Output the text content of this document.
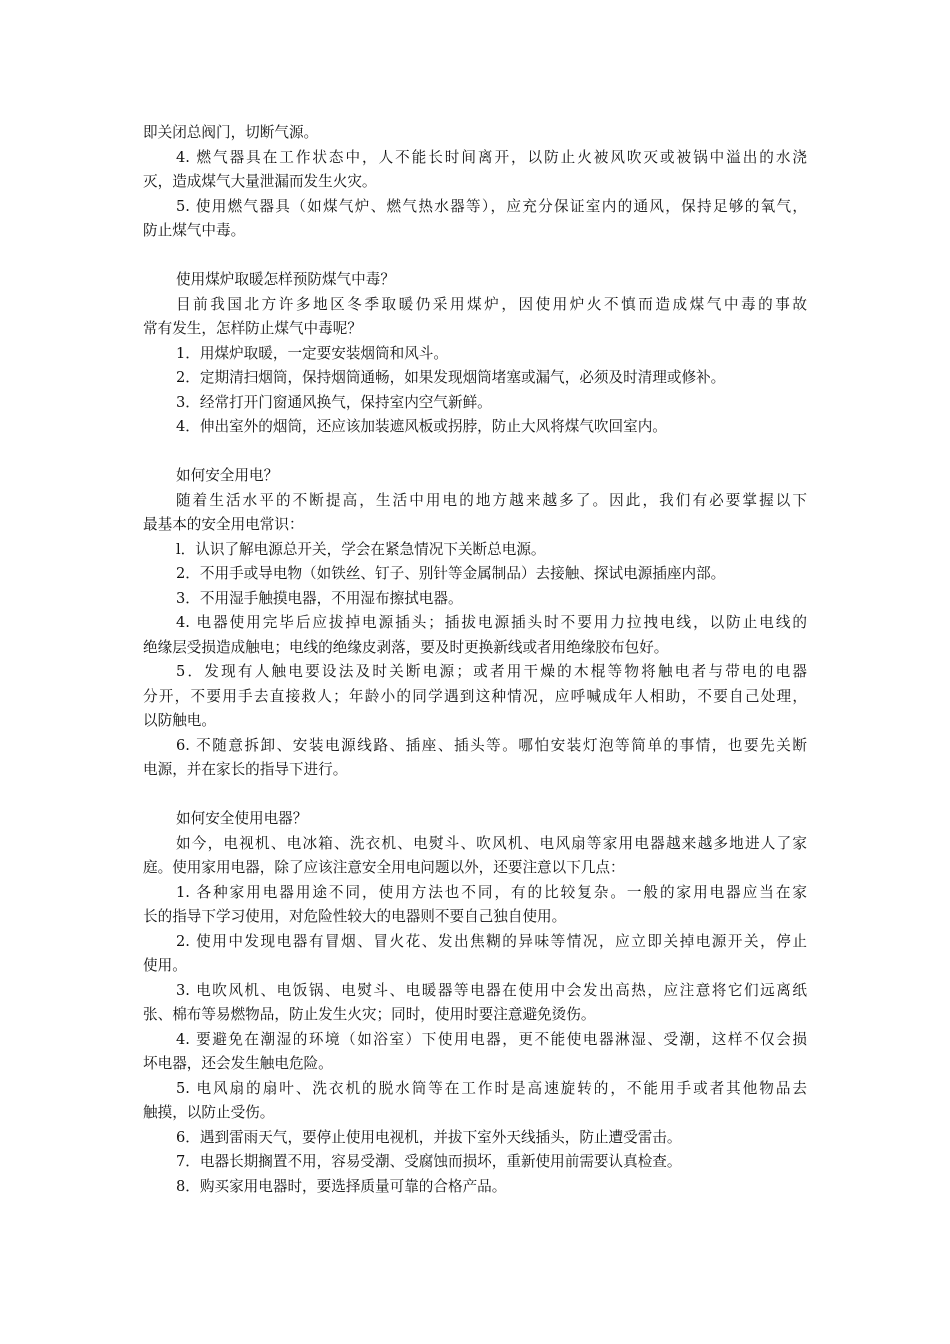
即关闭总阀门，切断气源。
4. 燃气器具在工作状态中，人不能长时间离开，以防止火被风吹灭或被锅中溢出的水浇
灭，造成煤气大量泄漏而发生火灾。
5. 使用燃气器具（如煤气炉、燃气热水器等），应充分保证室内的通风，保持足够的氧气，
防止煤气中毒。
使用煤炉取暖怎样预防煤气中毒？
目前我国北方许多地区冬季取暖仍采用煤炉，因使用炉火不慎而造成煤气中毒的事故
常有发生，怎样防止煤气中毒呢？
1．用煤炉取暖，一定要安装烟筒和风斗。
2．定期清扫烟筒，保持烟筒通畅，如果发现烟筒堵塞或漏气，必须及时清理或修补。
3．经常打开门窗通风换气，保持室内空气新鲜。
4．伸出室外的烟筒，还应该加装遮风板或拐脖，防止大风将煤气吹回室内。
如何安全用电？
随着生活水平的不断提高，生活中用电的地方越来越多了。因此，我们有必要掌握以下
最基本的安全用电常识：
l．认识了解电源总开关，学会在紧急情况下关断总电源。
2．不用手或导电物（如铁丝、钉子、别针等金属制品）去接触、探试电源插座内部。
3．不用湿手触摸电器，不用湿布擦拭电器。
4. 电器使用完毕后应拔掉电源插头；插拔电源插头时不要用力拉拽电线，以防止电线的
绝缘层受损造成触电；电线的绝缘皮剥落，要及时更换新线或者用绝缘胶布包好。
5．发现有人触电要设法及时关断电源；或者用干燥的木棍等物将触电者与带电的电器
分开，不要用手去直接救人；年龄小的同学遇到这种情况，应呼喊成年人相助，不要自己处理，
以防触电。
6. 不随意拆卸、安装电源线路、插座、插头等。哪怕安装灯泡等简单的事情，也要先关断
电源，并在家长的指导下进行。
如何安全使用电器？
如今，电视机、电冰箱、洗衣机、电熨斗、吹风机、电风扇等家用电器越来越多地进人了家
庭。使用家用电器，除了应该注意安全用电问题以外，还要注意以下几点：
1. 各种家用电器用途不同，使用方法也不同，有的比较复杂。一般的家用电器应当在家
长的指导下学习使用，对危险性较大的电器则不要自己独自使用。
2. 使用中发现电器有冒烟、冒火花、发出焦糊的异味等情况，应立即关掉电源开关，停止
使用。
3. 电吹风机、电饭锅、电熨斗、电暖器等电器在使用中会发出高热，应注意将它们远离纸
张、棉布等易燃物品，防止发生火灾；同时，使用时要注意避免烫伤。
4. 要避免在潮湿的环境（如浴室）下使用电器，更不能使电器淋湿、受潮，这样不仅会损
坏电器，还会发生触电危险。
5. 电风扇的扇叶、洗衣机的脱水筒等在工作时是高速旋转的，不能用手或者其他物品去
触摸，以防止受伤。
6．遇到雷雨天气，要停止使用电视机，并拔下室外天线插头，防止遭受雷击。
7．电器长期搁置不用，容易受潮、受腐蚀而损坏，重新使用前需要认真检查。
8．购买家用电器时，要选择质量可靠的合格产品。
